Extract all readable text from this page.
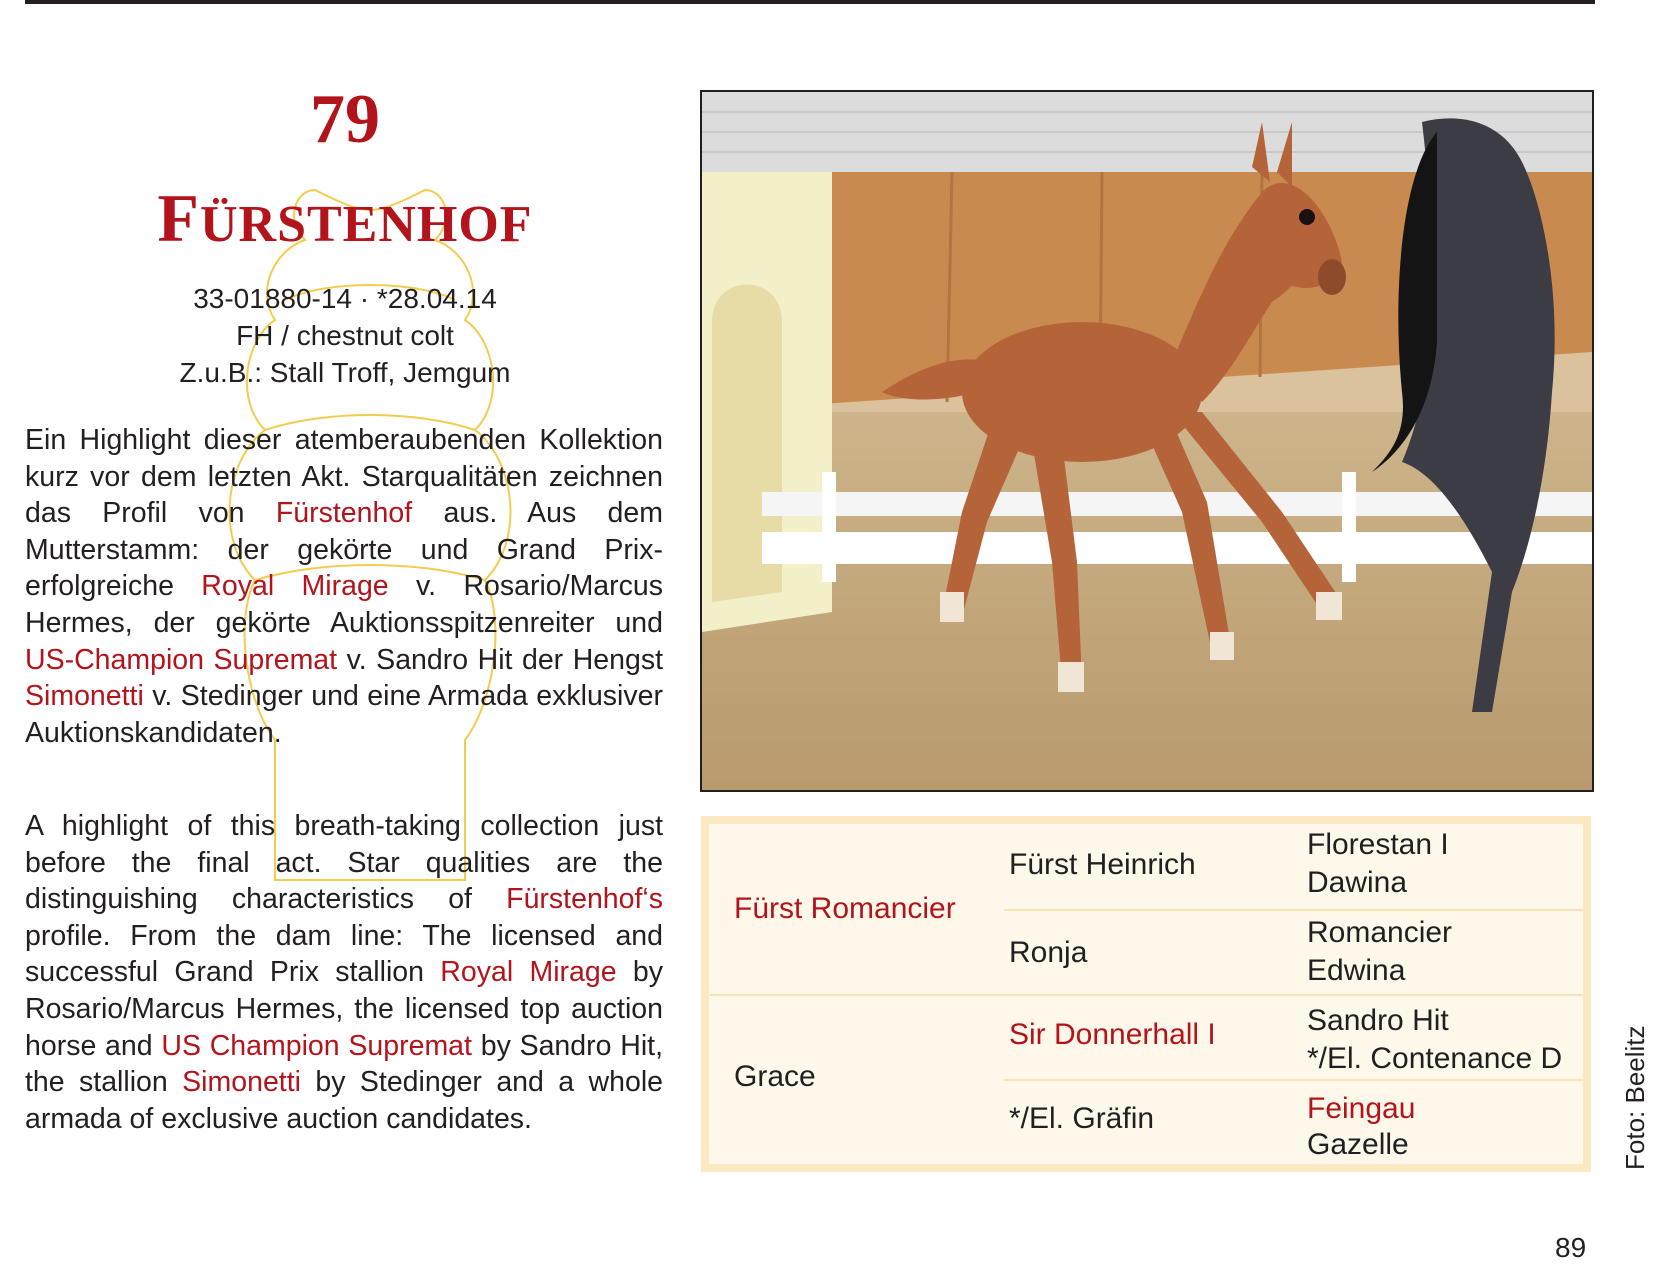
79
FÜRSTENHOF
33-01880-14 · *28.04.14
FH / chestnut colt
Z.u.B.: Stall Troff, Jemgum
Ein Highlight dieser atemberaubenden Kollektion kurz vor dem letzten Akt. Starqualitäten zeichnen das Profil von Fürstenhof aus. Aus dem Mutterstamm: der gekörte und Grand Prix-erfolgreiche Royal Mirage v. Rosario/Marcus Hermes, der gekörte Auktionsspitzenreiter und US-Champion Supremat v. Sandro Hit der Hengst Simonetti v. Stedinger und eine Armada exklusiver Auktionskandidaten.
A highlight of this breath-taking collection just before the final act. Star qualities are the distinguishing characteristics of Fürstenhof‘s profile. From the dam line: The licensed and successful Grand Prix stallion Royal Mirage by Rosario/Marcus Hermes, the licensed top auction horse and US Champion Supremat by Sandro Hit, the stallion Simonetti by Stedinger and a whole armada of exclusive auction candidates.
Fürst Romancier
Grace
Fürst Heinrich
Ronja
Sir Donnerhall I
*/El. Gräfin
Florestan I
Dawina
Romancier
Edwina
Sandro Hit
*/El. Contenance D
Feingau
Gazelle	Foto: Beelitz
89
